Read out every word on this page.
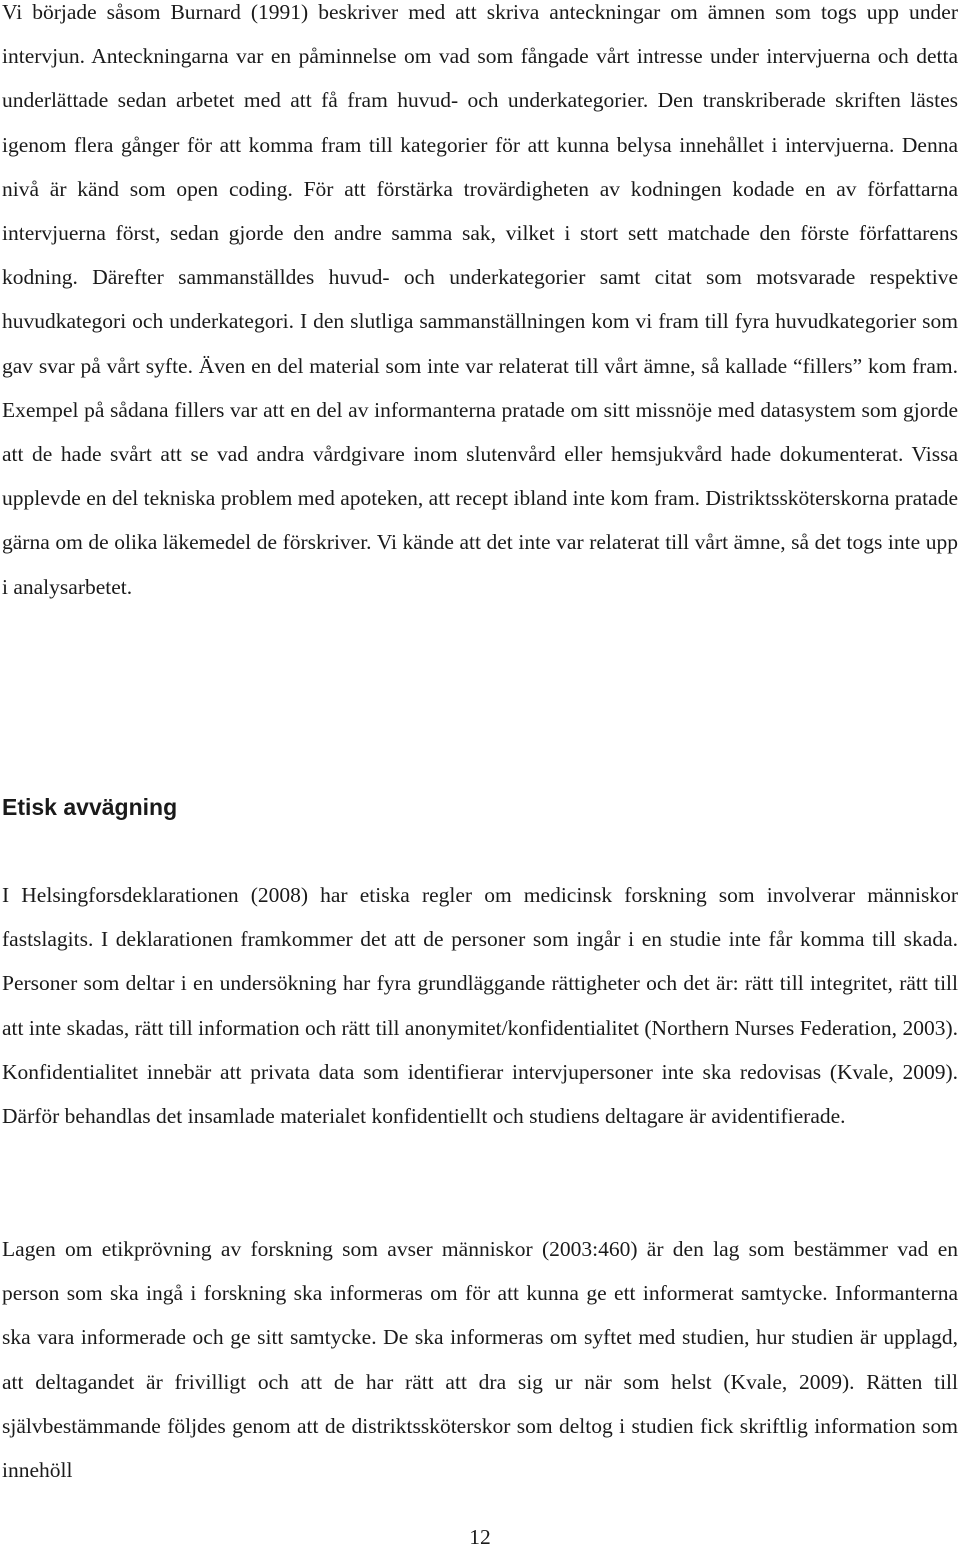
Vi började såsom Burnard (1991) beskriver med att skriva anteckningar om ämnen som togs upp under intervjun. Anteckningarna var en påminnelse om vad som fångade vårt intresse under intervjuerna och detta underlättade sedan arbetet med att få fram huvud- och underkategorier. Den transkriberade skriften lästes igenom flera gånger för att komma fram till kategorier för att kunna belysa innehållet i intervjuerna. Denna nivå är känd som open coding. För att förstärka trovärdigheten av kodningen kodade en av författarna intervjuerna först, sedan gjorde den andre samma sak, vilket i stort sett matchade den förste författarens kodning. Därefter sammanställdes huvud- och underkategorier samt citat som motsvarade respektive huvudkategori och underkategori. I den slutliga sammanställningen kom vi fram till fyra huvudkategorier som gav svar på vårt syfte. Även en del material som inte var relaterat till vårt ämne, så kallade “fillers” kom fram. Exempel på sådana fillers var att en del av informanterna pratade om sitt missnöje med datasystem som gjorde att de hade svårt att se vad andra vårdgivare inom slutenvård eller hemsjukvård hade dokumenterat. Vissa upplevde en del tekniska problem med apoteken, att recept ibland inte kom fram. Distriktssköterskorna pratade gärna om de olika läkemedel de förskriver. Vi kände att det inte var relaterat till vårt ämne, så det togs inte upp i analysarbetet.

Etisk avvägning

I Helsingforsdeklarationen (2008) har etiska regler om medicinsk forskning som involverar människor fastslagits. I deklarationen framkommer det att de personer som ingår i en studie inte får komma till skada. Personer som deltar i en undersökning har fyra grundläggande rättigheter och det är: rätt till integritet, rätt till att inte skadas, rätt till information och rätt till anonymitet/konfidentialitet (Northern Nurses Federation, 2003). Konfidentialitet innebär att privata data som identifierar intervjupersoner inte ska redovisas (Kvale, 2009). Därför behandlas det insamlade materialet konfidentiellt och studiens deltagare är avidentifierade.

Lagen om etikprövning av forskning som avser människor (2003:460) är den lag som bestämmer vad en person som ska ingå i forskning ska informeras om för att kunna ge ett informerat samtycke. Informanterna ska vara informerade och ge sitt samtycke. De ska informeras om syftet med studien, hur studien är upplagd, att deltagandet är frivilligt och att de har rätt att dra sig ur när som helst (Kvale, 2009). Rätten till självbestämmande följdes genom att de distriktssköterskor som deltog i studien fick skriftlig information som innehöll

12
